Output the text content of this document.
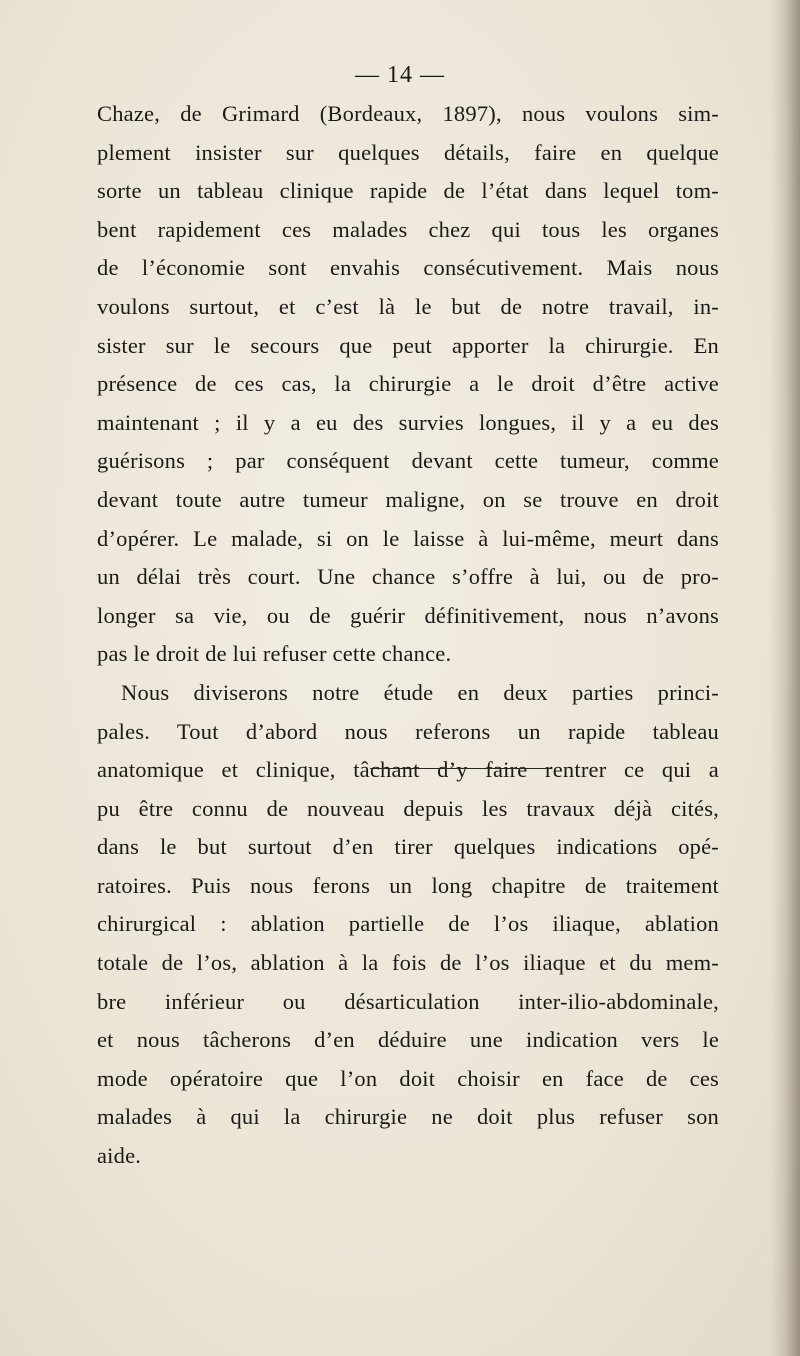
— 14 —
Chaze, de Grimard (Bordeaux, 1897), nous voulons sim-
plement insister sur quelques détails, faire en quelque
sorte un tableau clinique rapide de l’état dans lequel tom-
bent rapidement ces malades chez qui tous les organes
de l’économie sont envahis consécutivement. Mais nous
voulons surtout, et c’est là le but de notre travail, in-
sister sur le secours que peut apporter la chirurgie. En
présence de ces cas, la chirurgie a le droit d’être active
maintenant ; il y a eu des survies longues, il y a eu des
guérisons ; par conséquent devant cette tumeur, comme
devant toute autre tumeur maligne, on se trouve en droit
d’opérer. Le malade, si on le laisse à lui-même, meurt dans
un délai très court. Une chance s’offre à lui, ou de pro-
longer sa vie, ou de guérir définitivement, nous n’avons
pas le droit de lui refuser cette chance.
Nous diviserons notre étude en deux parties princi-
pales. Tout d’abord nous referons un rapide tableau
anatomique et clinique, tâchant d’y faire rentrer ce qui a
pu être connu de nouveau depuis les travaux déjà cités,
dans le but surtout d’en tirer quelques indications opé-
ratoires. Puis nous ferons un long chapitre de traitement
chirurgical : ablation partielle de l’os iliaque, ablation
totale de l’os, ablation à la fois de l’os iliaque et du mem-
bre inférieur ou désarticulation inter-ilio-abdominale,
et nous tâcherons d’en déduire une indication vers le
mode opératoire que l’on doit choisir en face de ces
malades à qui la chirurgie ne doit plus refuser son
aide.
